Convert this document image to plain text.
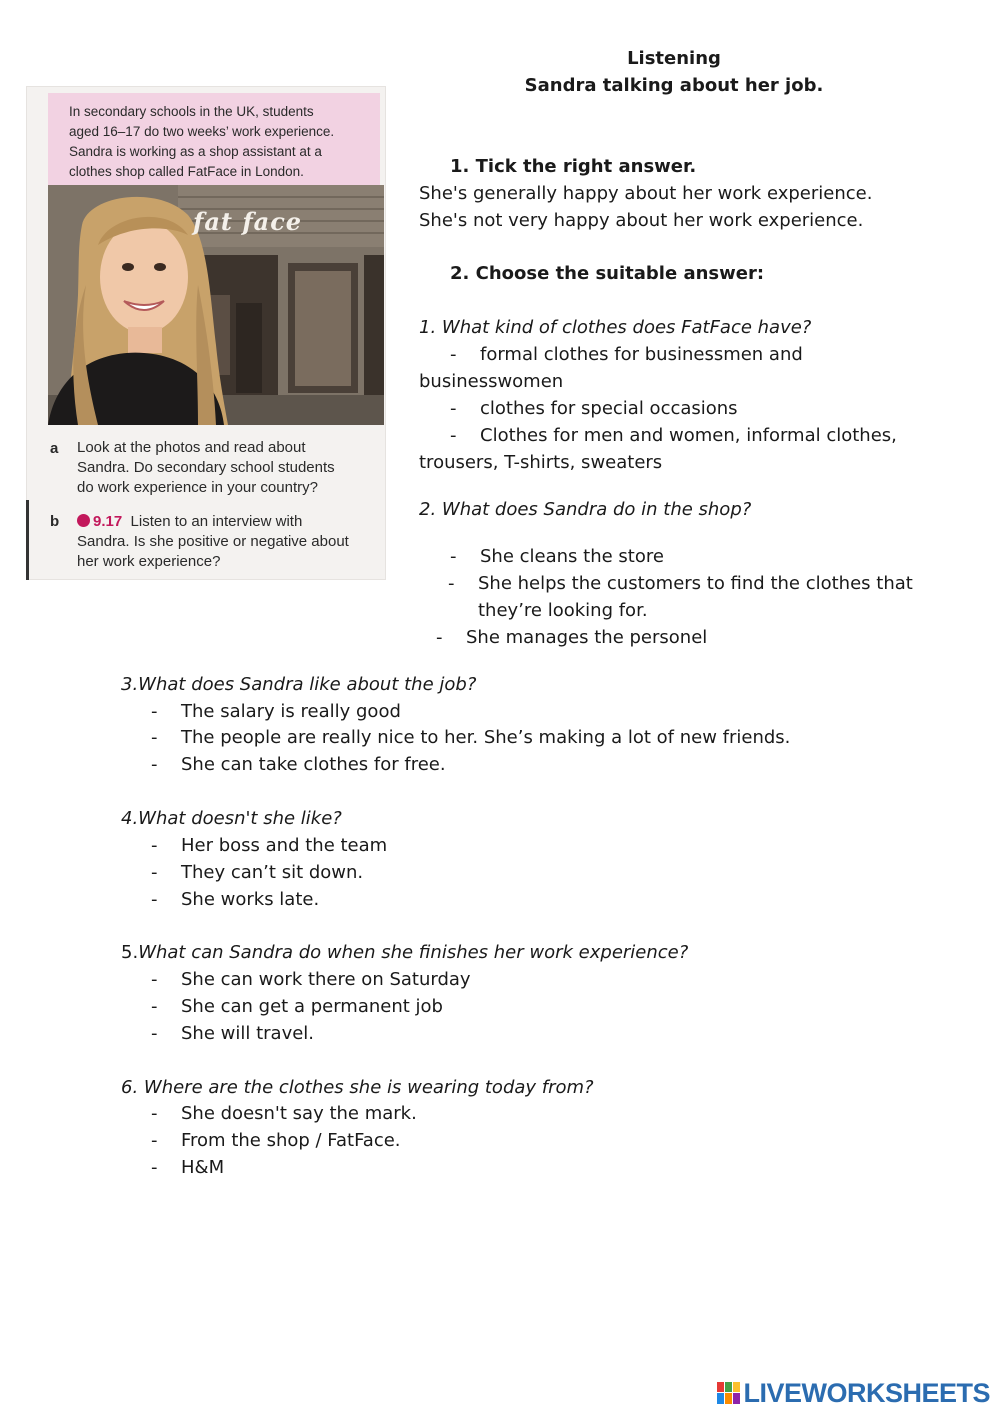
Listening
Sandra talking about her job.
In secondary schools in the UK, students
aged 16–17 do two weeks’ work experience.
Sandra is working as a shop assistant at a
clothes shop called FatFace in London.
fat face
a Look at the photos and read about
Sandra. Do secondary school students
do work experience in your country?
b	9.17 Listen to an interview with
Sandra. Is she positive or negative about
her work experience?
1. Tick the right answer.
She's generally happy about her work experience.
She's not very happy about her work experience.
2. Choose the suitable answer:
1. What kind of clothes does FatFace have?
- formal clothes for businessmen and
businesswomen
- clothes for special occasions
- Clothes for men and women, informal clothes,
trousers, T-shirts, sweaters
2. What does Sandra do in the shop?
- She cleans the store
- She helps the customers to find the clothes that
they’re looking for.
- She manages the personel
3.What does Sandra like about the job?
- The salary is really good
- The people are really nice to her. She’s making a lot of new friends.
- She can take clothes for free.
4.What doesn't she like?
- Her boss and the team
- They can’t sit down.
- She works late.
5.What can Sandra do when she finishes her work experience?
- She can work there on Saturday
- She can get a permanent job
- She will travel.
6. Where are the clothes she is wearing today from?
- She doesn't say the mark.
- From the shop / FatFace.
- H&M
LIVEWORKSHEETS
